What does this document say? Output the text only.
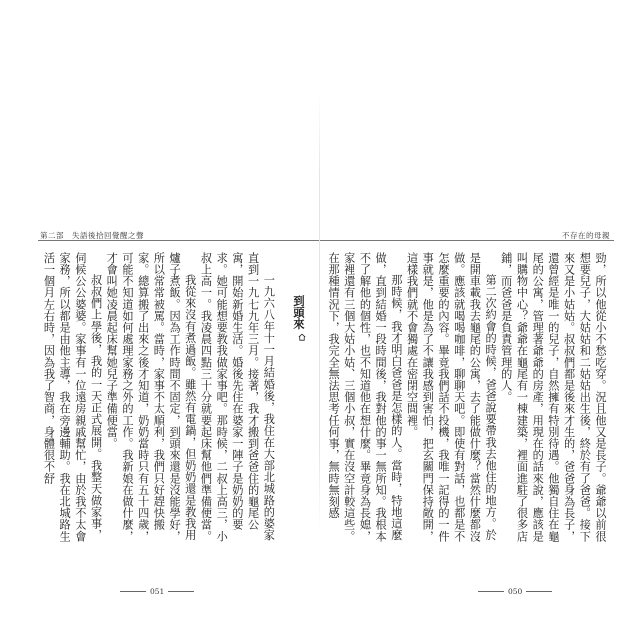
第二部　失語後拾回覺醒之聲

到頭來

一九六八年十一月結婚後，我住在大部北城路的婆家直到一九七九年三月。接著，我才搬到爸爸住的龜尾公寓，開始新婚生活。婚後先住在婆家一陣子是奶奶的要求。她可能想要教我做家事吧。那時候，二叔上高三，小叔上高一。我凌晨四點三十分就要起床幫他們準備便當。

我從來沒有煮過飯。雖然有電鍋，但奶奶還是教我用爐子煮飯。因為工作時間不固定，到頭來還是沒能學好，所以常常被罵。當時，家事不太順利，我們只好趕快搬家。總算搬了出來之後才知道，奶奶當時只有五十四歲，可能不知道如何處理家務之外的工作。我新娘在做什麼，才會叫她凌晨起床幫她兒子準備便當。

叔叔們上學後，我的一天正式展開。我整天做家事，伺候公公婆婆。家事有一位遠房親戚幫忙，由於我不太會家務，所以都是由他主導，我在旁邊輔助。我在北城路生活一個月左右時，因為我了智商，身體很不舒

051
不存在的母親

勁，所以他從小不愁吃穿。況且他又是長子。爺爺以前很想要兒子，大姑姑和二姑姑出生後，終於有了爸爸。接下來又是小姑姑。叔叔們都是後來才生的，爸爸身為長子，還曾經是唯一的兒子，自然擁有特別待遇。他獨自住在龜尾的公寓，管理著爺爺的房產，用現在的話來說，應該是叫購物中心？爺爺在龜尾有一棟建築，裡面進駐了很多店鋪，而爸爸是負責管理的人。

第二次約會的時候，爸爸說要帶我去他住的地方。於是開車載我去龜尾的公寓，去了能做什麼？當然什麼都沒做。應該就喝喝咖啡，聊聊天吧。即使有對話，也都是不怎麼重要的內容。畢竟我們話不投機，我唯一記得的一件事就是，他是為了不讓我感到害怕，把玄關門保持敞開，這樣我們就不會獨處在密閉空間裡。

那時候，我才明白爸爸是怎樣的人。當時，特地這麼做，直到結婚一段時間後，我對他的事一無所知。我根本不了解他的個性，也不知道他在想什麼。畢竟身為長媳，家裡還有三個大姑小姑、三個小叔，實在沒空計較這些。在那種情況下，我完全無法思考任何事，無時無刻感

050
